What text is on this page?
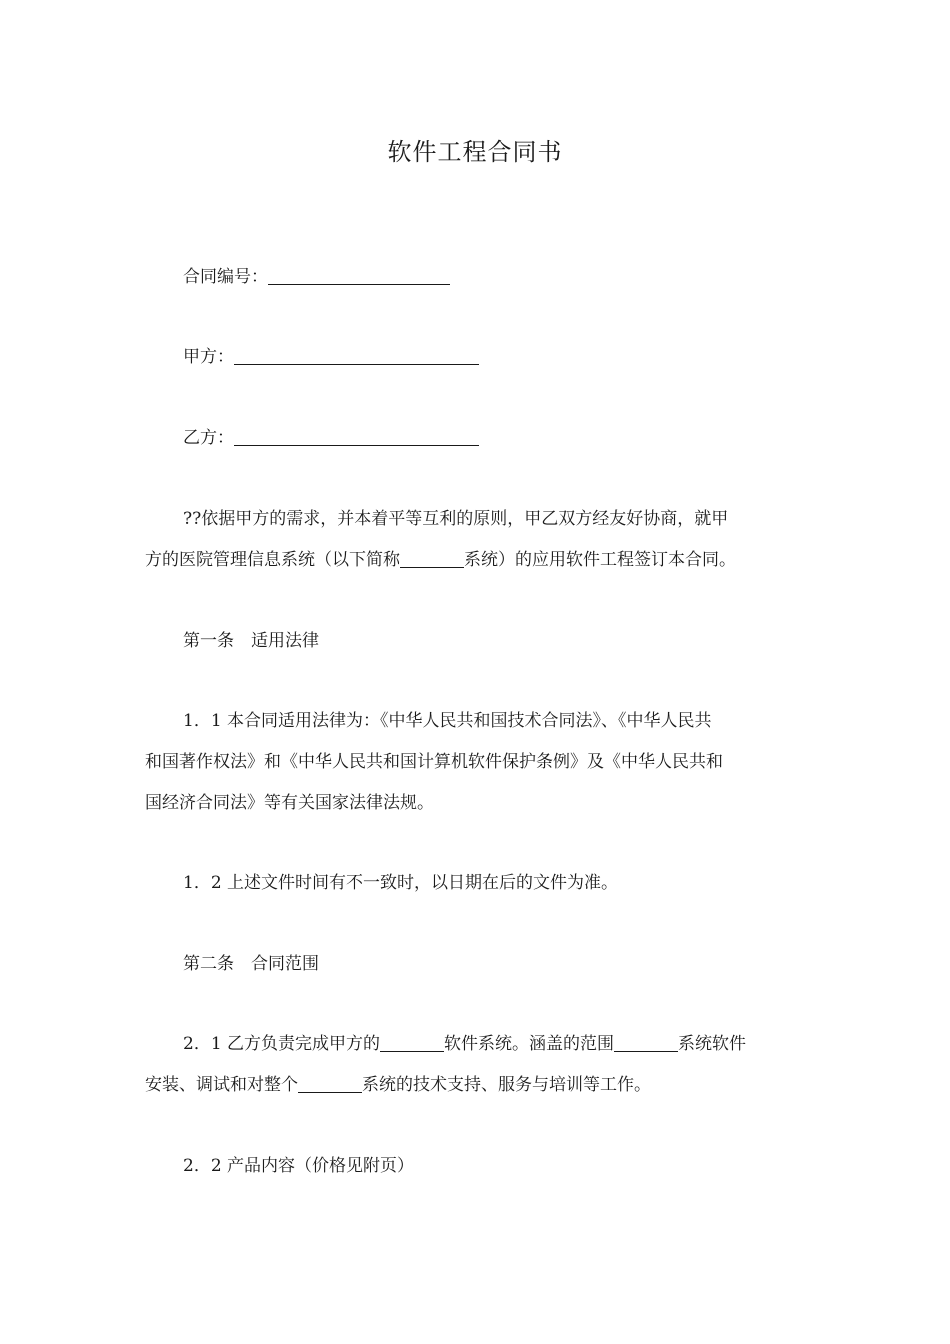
软件工程合同书
合同编号：
甲方：
乙方：
??依据甲方的需求，并本着平等互利的原则，甲乙双方经友好协商，就甲
方的医院管理信息系统（以下简称	系统）的应用软件工程签订本合同。
第一条　适用法律
1．1 本合同适用法律为：《中华人民共和国技术合同法》、《中华人民共
和国著作权法》和《中华人民共和国计算机软件保护条例》及《中华人民共和
国经济合同法》等有关国家法律法规。
1．2 上述文件时间有不一致时，以日期在后的文件为准。
第二条　合同范围
2．1 乙方负责完成甲方的	软件系统。涵盖的范围	系统软件
安装、调试和对整个	系统的技术支持、服务与培训等工作。
2．2 产品内容（价格见附页）
